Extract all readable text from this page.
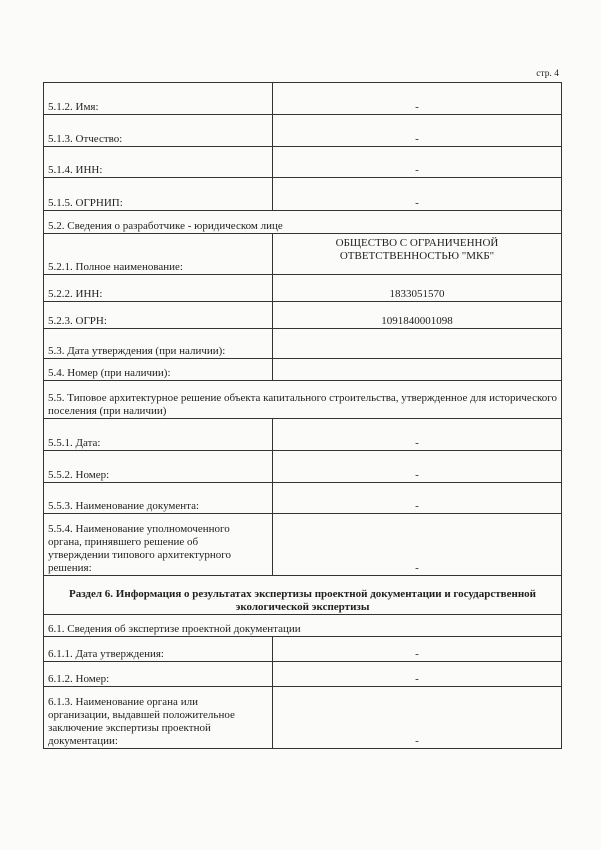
стр. 4
5.1.2. Имя:	-
5.1.3. Отчество:	-
5.1.4. ИНН:	-
5.1.5. ОГРНИП:	-
5.2. Сведения о разработчике - юридическом лице	
5.2.1. Полное наименование:	ОБЩЕСТВО С ОГРАНИЧЕННОЙ
ОТВЕТСТВЕННОСТЬЮ "МКБ"

5.2.2. ИНН:	1833051570
5.2.3. ОГРН:	1091840001098
5.3. Дата утверждения (при наличии):	
5.4. Номер (при наличии):	
5.5. Типовое архитектурное решение объекта капитального строительства, утвержденное для исторического поселения (при наличии)	
5.5.1. Дата:	-
5.5.2. Номер:	-
5.5.3. Наименование документа:	-

5.5.4. Наименование уполномоченного
органа, принявшего решение об
утверждении типового архитектурного
решения:	-

Раздел 6. Информация о результатах экспертизы проектной документации и государственной
экологической экспертизы	

6.1. Сведения об экспертизе проектной документации	
6.1.1. Дата утверждения:	-
6.1.2. Номер:	-

6.1.3. Наименование органа или
организации, выдавшей положительное
заключение экспертизы проектной
документации:	-
